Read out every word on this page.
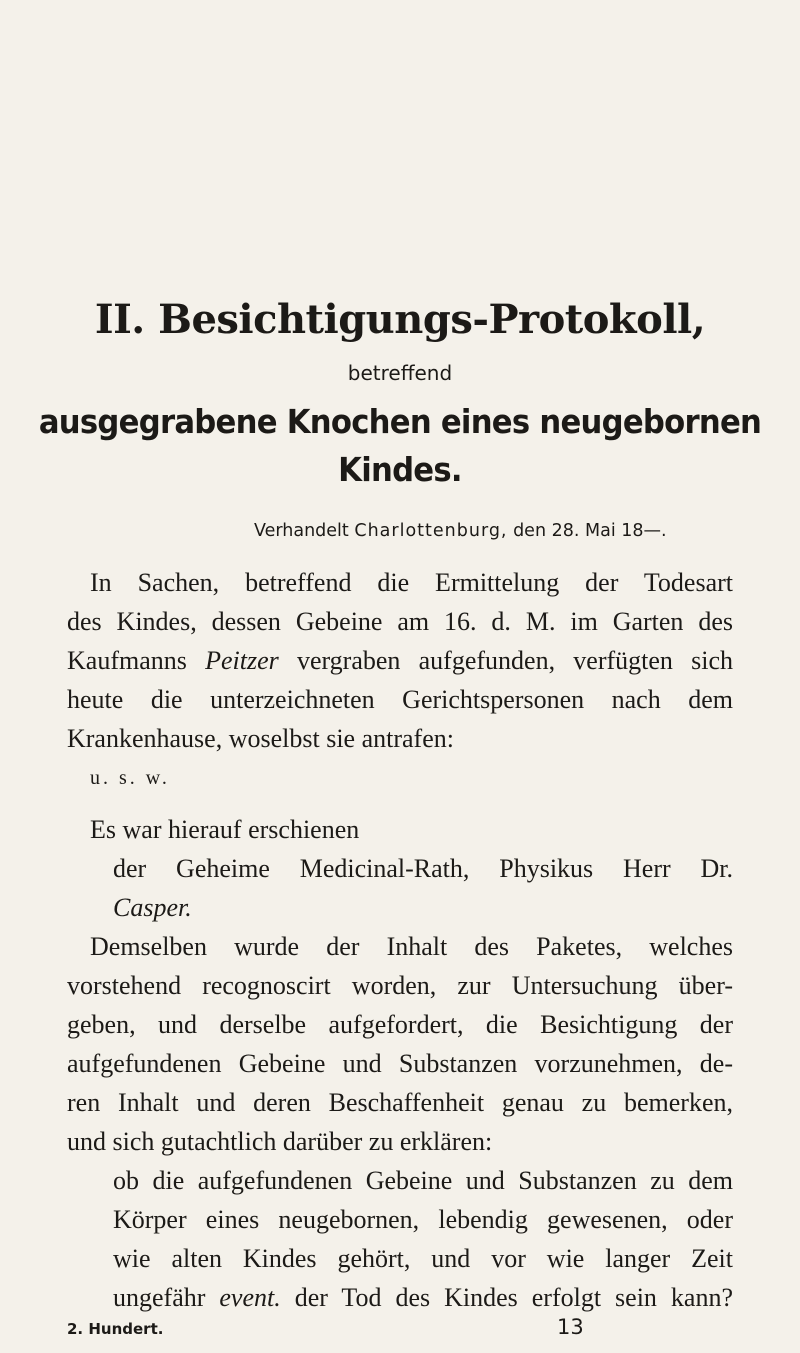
II. Besichtigungs-Protokoll,
betreffend
ausgegrabene Knochen eines neugebornen Kindes.
Verhandelt Charlottenburg, den 28. Mai 18—.
In Sachen, betreffend die Ermittelung der Todesart
des Kindes, dessen Gebeine am 16. d. M. im Garten des
Kaufmanns Peitzer vergraben aufgefunden, verfügten sich
heute die unterzeichneten Gerichtspersonen nach dem
Krankenhause, woselbst sie antrafen:
u. s. w.
Es war hierauf erschienen
der Geheime Medicinal-Rath, Physikus Herr Dr.
Casper.
Demselben wurde der Inhalt des Paketes, welches
vorstehend recognoscirt worden, zur Untersuchung über-
geben, und derselbe aufgefordert, die Besichtigung der
aufgefundenen Gebeine und Substanzen vorzunehmen, de-
ren Inhalt und deren Beschaffenheit genau zu bemerken,
und sich gutachtlich darüber zu erklären:
ob die aufgefundenen Gebeine und Substanzen zu dem
Körper eines neugebornen, lebendig gewesenen, oder
wie alten Kindes gehört, und vor wie langer Zeit
ungefähr event. der Tod des Kindes erfolgt sein kann?
2. Hundert.	13
